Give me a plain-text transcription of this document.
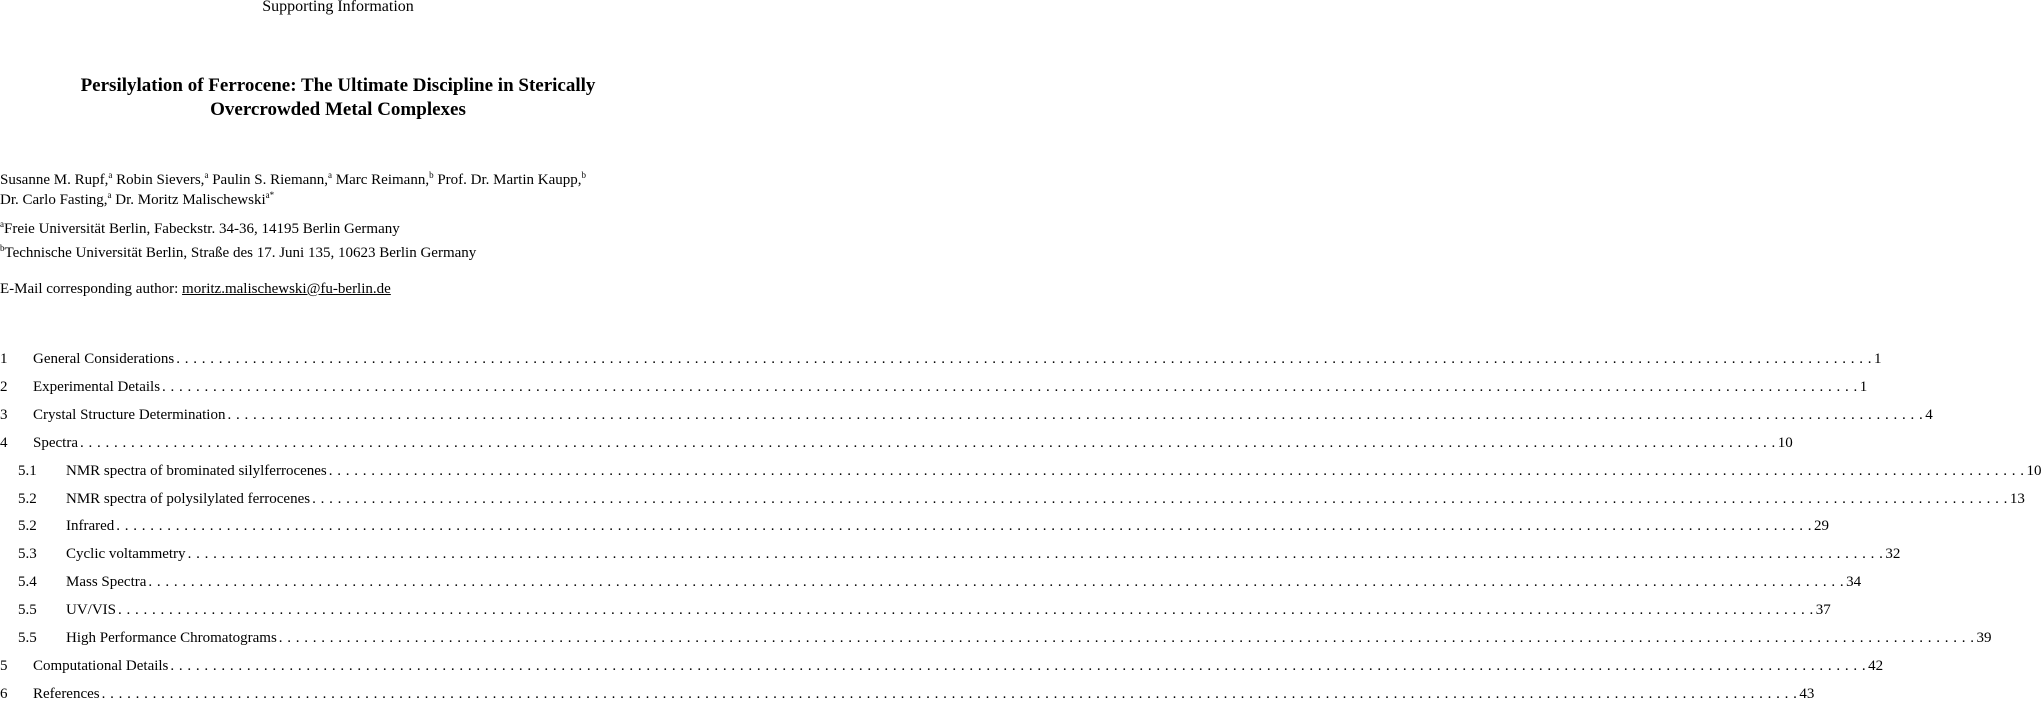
Supporting Information
Persilylation of Ferrocene: The Ultimate Discipline in Sterically
Overcrowded Metal Complexes
Susanne M. Rupf,$^a$ Robin Sievers,$^a$ Paulin S. Riemann,$^a$ Marc Reimann,$^b$ Prof. Dr. Martin Kaupp,$^b$
Dr. Carlo Fasting,$^a$ Dr. Moritz Malischewski$^{a*}$
$^a$Freie Universität Berlin, Fabeckstr. 34-36, 14195 Berlin Germany
$^b$Technische Universität Berlin, Straße des 17. Juni 135, 10623 Berlin Germany
E-Mail corresponding author: moritz.malischewski@fu-berlin.de
1 General Considerations . . . . . . . . . . . . . . . . . . . . . . . . . . . . . . . . . . . . . . . . . . . . . . . . . . . . . . . . . . . . . . . . . . . . . . . . . . . . . . . . . . . . . . . . . . . . . . . . . . . . . . . . . . . . . . . . . . . . . . . . . . . . . . . . . . . . . . . . . . . . . . . . . . . . . . . . . . . . . . . . . . . . . . . . . . . . . . . . . . . . . . . . . . . . . . . . . . . . . . . . 1
2 Experimental Details . . . . . . . . . . . . . . . . . . . . . . . . . . . . . . . . . . . . . . . . . . . . . . . . . . . . . . . . . . . . . . . . . . . . . . . . . . . . . . . . . . . . . . . . . . . . . . . . . . . . . . . . . . . . . . . . . . . . . . . . . . . . . . . . . . . . . . . . . . . . . . . . . . . . . . . . . . . . . . . . . . . . . . . . . . . . . . . . . . . . . . . . . . . . . . . . . . . . . . . . 1
3 Crystal Structure Determination . . . . . . . . . . . . . . . . . . . . . . . . . . . . . . . . . . . . . . . . . . . . . . . . . . . . . . . . . . . . . . . . . . . . . . . . . . . . . . . . . . . . . . . . . . . . . . . . . . . . . . . . . . . . . . . . . . . . . . . . . . . . . . . . . . . . . . . . . . . . . . . . . . . . . . . . . . . . . . . . . . . . . . . . . . . . . . . . . . . . . . . . . . . . . . . . . . . . . . . . 4
4 Spectra . . . . . . . . . . . . . . . . . . . . . . . . . . . . . . . . . . . . . . . . . . . . . . . . . . . . . . . . . . . . . . . . . . . . . . . . . . . . . . . . . . . . . . . . . . . . . . . . . . . . . . . . . . . . . . . . . . . . . . . . . . . . . . . . . . . . . . . . . . . . . . . . . . . . . . . . . . . . . . . . . . . . . . . . . . . . . . . . . . . . . . . . . . . . . . . . . . . . . . . . 10
5.1 NMR spectra of brominated silylferrocenes . . . . . . . . . . . . . . . . . . . . . . . . . . . . . . . . . . . . . . . . . . . . . . . . . . . . . . . . . . . . . . . . . . . . . . . . . . . . . . . . . . . . . . . . . . . . . . . . . . . . . . . . . . . . . . . . . . . . . . . . . . . . . . . . . . . . . . . . . . . . . . . . . . . . . . . . . . . . . . . . . . . . . . . . . . . . . . . . . . . . . . . . . . . . . . . . . . . . . . . . 10
5.2 NMR spectra of polysilylated ferrocenes . . . . . . . . . . . . . . . . . . . . . . . . . . . . . . . . . . . . . . . . . . . . . . . . . . . . . . . . . . . . . . . . . . . . . . . . . . . . . . . . . . . . . . . . . . . . . . . . . . . . . . . . . . . . . . . . . . . . . . . . . . . . . . . . . . . . . . . . . . . . . . . . . . . . . . . . . . . . . . . . . . . . . . . . . . . . . . . . . . . . . . . . . . . . . . . . . . . . . . . . 13
5.2 Infrared . . . . . . . . . . . . . . . . . . . . . . . . . . . . . . . . . . . . . . . . . . . . . . . . . . . . . . . . . . . . . . . . . . . . . . . . . . . . . . . . . . . . . . . . . . . . . . . . . . . . . . . . . . . . . . . . . . . . . . . . . . . . . . . . . . . . . . . . . . . . . . . . . . . . . . . . . . . . . . . . . . . . . . . . . . . . . . . . . . . . . . . . . . . . . . . . . . . . . . . . 29
5.3 Cyclic voltammetry . . . . . . . . . . . . . . . . . . . . . . . . . . . . . . . . . . . . . . . . . . . . . . . . . . . . . . . . . . . . . . . . . . . . . . . . . . . . . . . . . . . . . . . . . . . . . . . . . . . . . . . . . . . . . . . . . . . . . . . . . . . . . . . . . . . . . . . . . . . . . . . . . . . . . . . . . . . . . . . . . . . . . . . . . . . . . . . . . . . . . . . . . . . . . . . . . . . . . . . . 32
5.4 Mass Spectra . . . . . . . . . . . . . . . . . . . . . . . . . . . . . . . . . . . . . . . . . . . . . . . . . . . . . . . . . . . . . . . . . . . . . . . . . . . . . . . . . . . . . . . . . . . . . . . . . . . . . . . . . . . . . . . . . . . . . . . . . . . . . . . . . . . . . . . . . . . . . . . . . . . . . . . . . . . . . . . . . . . . . . . . . . . . . . . . . . . . . . . . . . . . . . . . . . . . . . . . 34
5.5 UV/VIS . . . . . . . . . . . . . . . . . . . . . . . . . . . . . . . . . . . . . . . . . . . . . . . . . . . . . . . . . . . . . . . . . . . . . . . . . . . . . . . . . . . . . . . . . . . . . . . . . . . . . . . . . . . . . . . . . . . . . . . . . . . . . . . . . . . . . . . . . . . . . . . . . . . . . . . . . . . . . . . . . . . . . . . . . . . . . . . . . . . . . . . . . . . . . . . . . . . . . . . . 37
5.5 High Performance Chromatograms . . . . . . . . . . . . . . . . . . . . . . . . . . . . . . . . . . . . . . . . . . . . . . . . . . . . . . . . . . . . . . . . . . . . . . . . . . . . . . . . . . . . . . . . . . . . . . . . . . . . . . . . . . . . . . . . . . . . . . . . . . . . . . . . . . . . . . . . . . . . . . . . . . . . . . . . . . . . . . . . . . . . . . . . . . . . . . . . . . . . . . . . . . . . . . . . . . . . . . . . 39
5 Computational Details . . . . . . . . . . . . . . . . . . . . . . . . . . . . . . . . . . . . . . . . . . . . . . . . . . . . . . . . . . . . . . . . . . . . . . . . . . . . . . . . . . . . . . . . . . . . . . . . . . . . . . . . . . . . . . . . . . . . . . . . . . . . . . . . . . . . . . . . . . . . . . . . . . . . . . . . . . . . . . . . . . . . . . . . . . . . . . . . . . . . . . . . . . . . . . . . . . . . . . . . 42
6 References . . . . . . . . . . . . . . . . . . . . . . . . . . . . . . . . . . . . . . . . . . . . . . . . . . . . . . . . . . . . . . . . . . . . . . . . . . . . . . . . . . . . . . . . . . . . . . . . . . . . . . . . . . . . . . . . . . . . . . . . . . . . . . . . . . . . . . . . . . . . . . . . . . . . . . . . . . . . . . . . . . . . . . . . . . . . . . . . . . . . . . . . . . . . . . . . . . . . . . . . 43
